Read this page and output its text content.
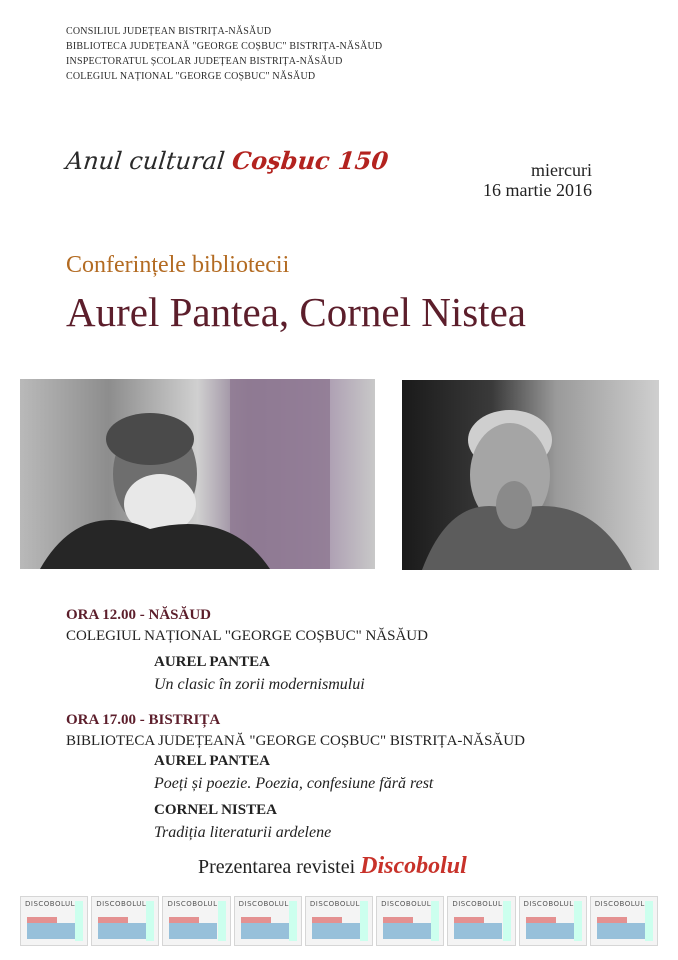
CONSILIUL JUDEȚEAN BISTRIȚA-NĂSĂUD
BIBLIOTECA JUDEȚEANĂ "GEORGE COȘBUC" BISTRIȚA-NĂSĂUD
INSPECTORATUL ȘCOLAR JUDEȚEAN BISTRIȚA-NĂSĂUD
COLEGIUL NAȚIONAL "GEORGE COȘBUC" NĂSĂUD
Anul cultural Coşbuc 150	miercuri
16 martie 2016
Conferințele bibliotecii
Aurel Pantea, Cornel Nistea
ORA 12.00 - NĂSĂUD
COLEGIUL NAȚIONAL "GEORGE COȘBUC" NĂSĂUD
AUREL PANTEA
Un clasic în zorii modernismului
ORA 17.00 - BISTRIȚA
BIBLIOTECA JUDEȚEANĂ "GEORGE COȘBUC" BISTRIȚA-NĂSĂUD
AUREL PANTEA
Poeți și poezie. Poezia, confesiune fără rest
CORNEL NISTEA
Tradiția literaturii ardelene
Prezentarea revistei Discobolul
DISCOBOLUL	DISCOBOLUL	DISCOBOLUL	DISCOBOLUL	DISCOBOLUL	DISCOBOLUL	DISCOBOLUL	DISCOBOLUL	DISCOBOLUL
